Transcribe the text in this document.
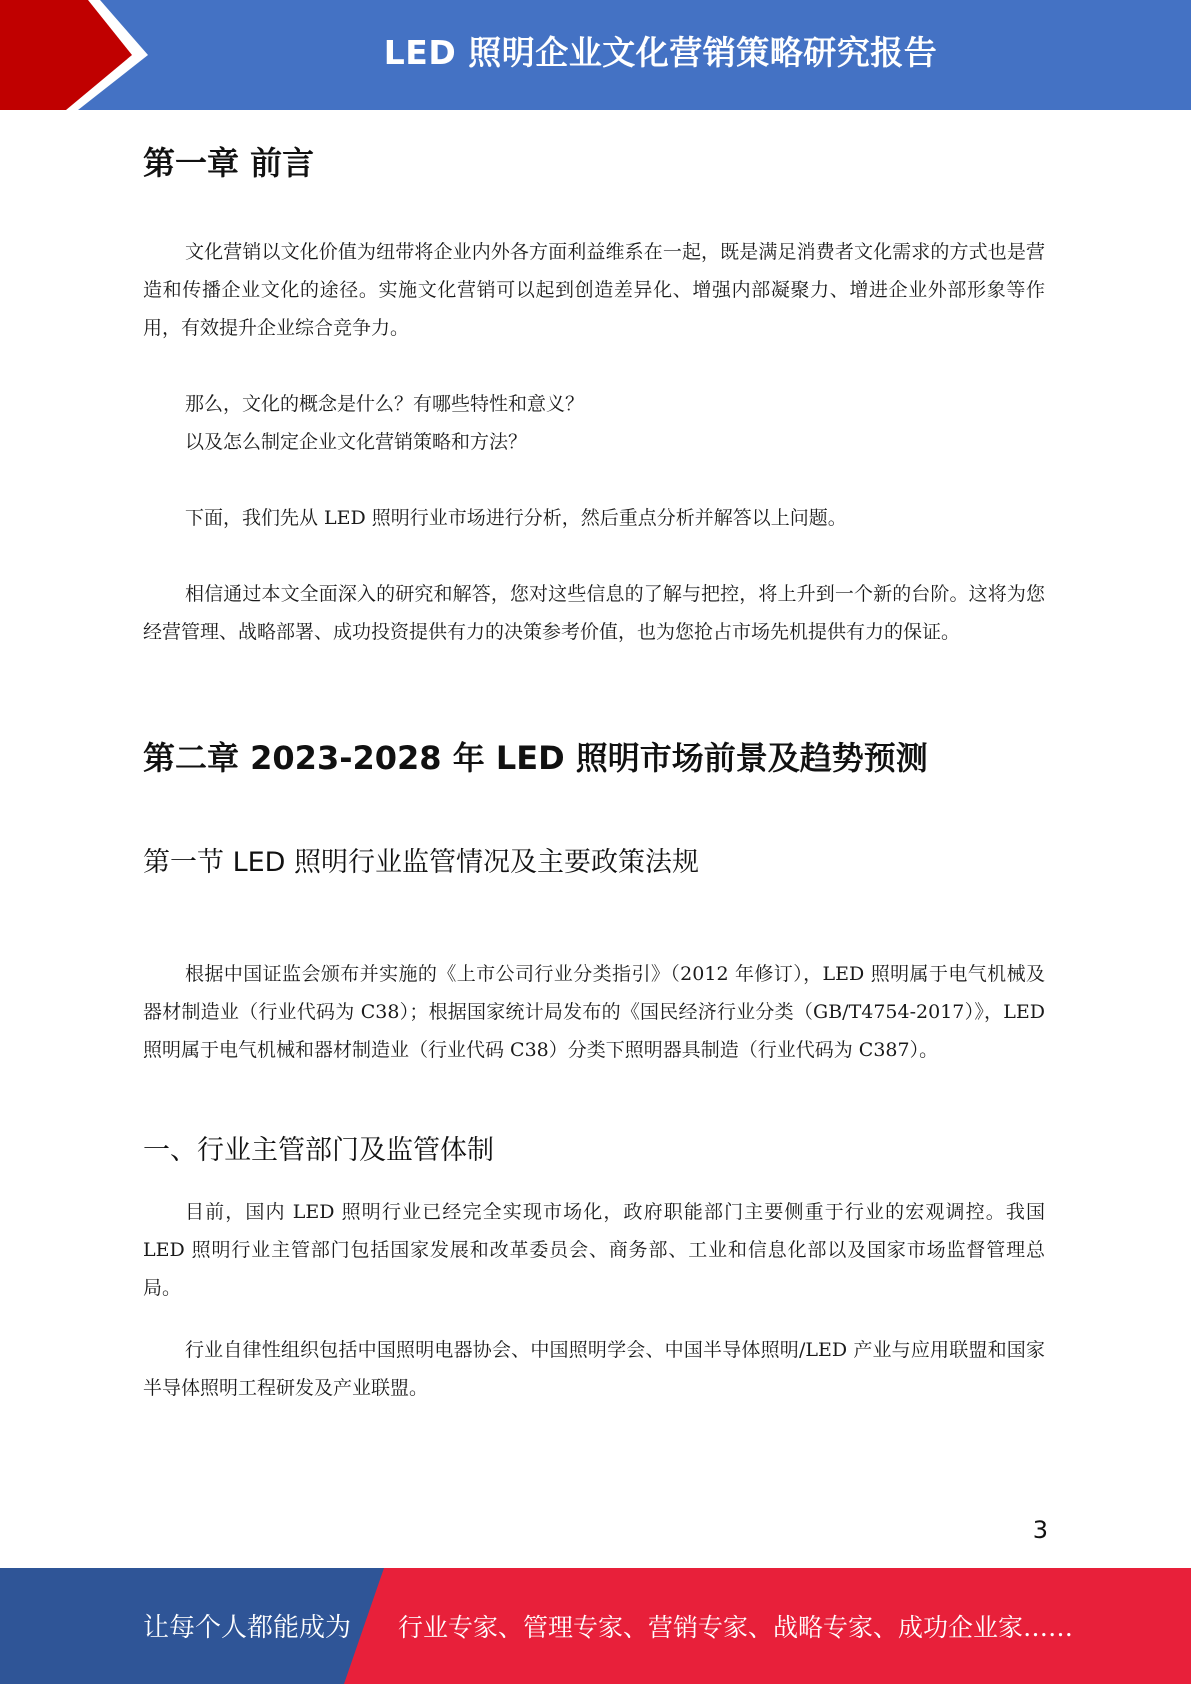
LED 照明企业文化营销策略研究报告
第一章 前言

文化营销以文化价值为纽带将企业内外各方面利益维系在一起，既是满足消费者文化需求的方式也是营造和传播企业文化的途径。实施文化营销可以起到创造差异化、增强内部凝聚力、增进企业外部形象等作用，有效提升企业综合竞争力。

那么，文化的概念是什么？有哪些特性和意义？

以及怎么制定企业文化营销策略和方法？

下面，我们先从 LED 照明行业市场进行分析，然后重点分析并解答以上问题。

相信通过本文全面深入的研究和解答，您对这些信息的了解与把控，将上升到一个新的台阶。这将为您经营管理、战略部署、成功投资提供有力的决策参考价值，也为您抢占市场先机提供有力的保证。

第二章 2023-2028 年 LED 照明市场前景及趋势预测
第一节 LED 照明行业监管情况及主要政策法规

根据中国证监会颁布并实施的《上市公司行业分类指引》（2012 年修订），LED 照明属于电气机械及器材制造业（行业代码为 C38）；根据国家统计局发布的《国民经济行业分类（GB/T4754-2017）》，LED 照明属于电气机械和器材制造业（行业代码 C38）分类下照明器具制造（行业代码为 C387）。

一、行业主管部门及监管体制

目前，国内 LED 照明行业已经完全实现市场化，政府职能部门主要侧重于行业的宏观调控。我国 LED 照明行业主管部门包括国家发展和改革委员会、商务部、工业和信息化部以及国家市场监督管理总局。

行业自律性组织包括中国照明电器协会、中国照明学会、中国半导体照明/LED 产业与应用联盟和国家半导体照明工程研发及产业联盟。

3
让每个人都能成为 行业专家、管理专家、营销专家、战略专家、成功企业家……
